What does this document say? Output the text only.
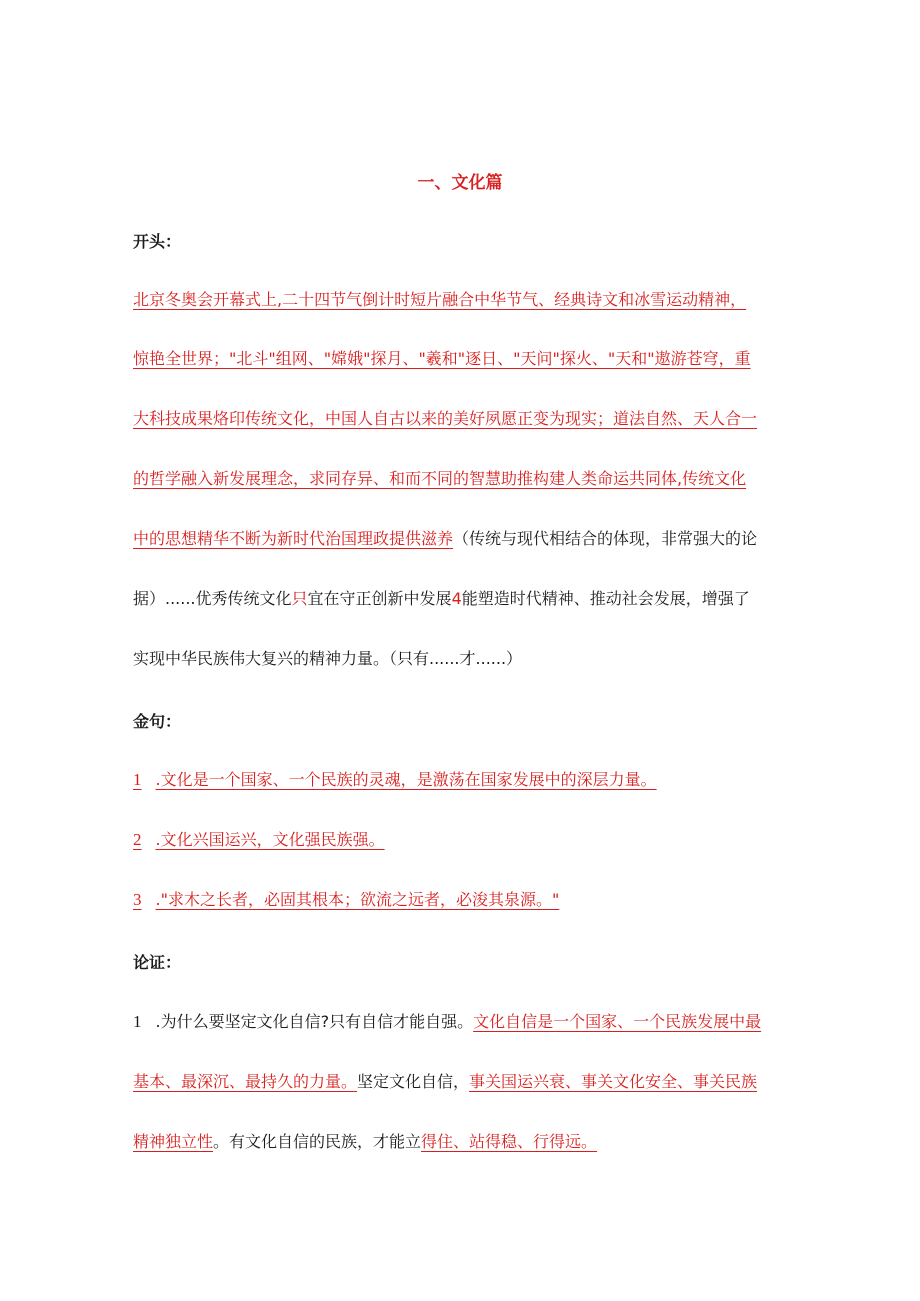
一、文化篇
开头：
北京冬奥会开幕式上,二十四节气倒计时短片融合中华节气、经典诗文和冰雪运动精神，
惊艳全世界；"北斗"组网、"嫦娥"探月、"羲和"逐日、"天问"探火、"天和"遨游苍穹，重
大科技成果烙印传统文化，中国人自古以来的美好夙愿正变为现实；道法自然、天人合一
的哲学融入新发展理念，求同存异、和而不同的智慧助推构建人类命运共同体,传统文化
中的思想精华不断为新时代治国理政提供滋养（传统与现代相结合的体现，非常强大的论
据）......优秀传统文化只宜在守正创新中发展4能塑造时代精神、推动社会发展，增强了
实现中华民族伟大复兴的精神力量。（只有......才......）
金句：
1 .文化是一个国家、一个民族的灵魂，是激荡在国家发展中的深层力量。
2 .文化兴国运兴，文化强民族强。
3 ."求木之长者，必固其根本；欲流之远者，必浚其泉源。"
论证：
1 .为什么要坚定文化自信?只有自信才能自强。文化自信是一个国家、一个民族发展中最
基本、最深沉、最持久的力量。坚定文化自信，事关国运兴衰、事关文化安全、事关民族
精神独立性。有文化自信的民族，才能立得住、站得稳、行得远。
